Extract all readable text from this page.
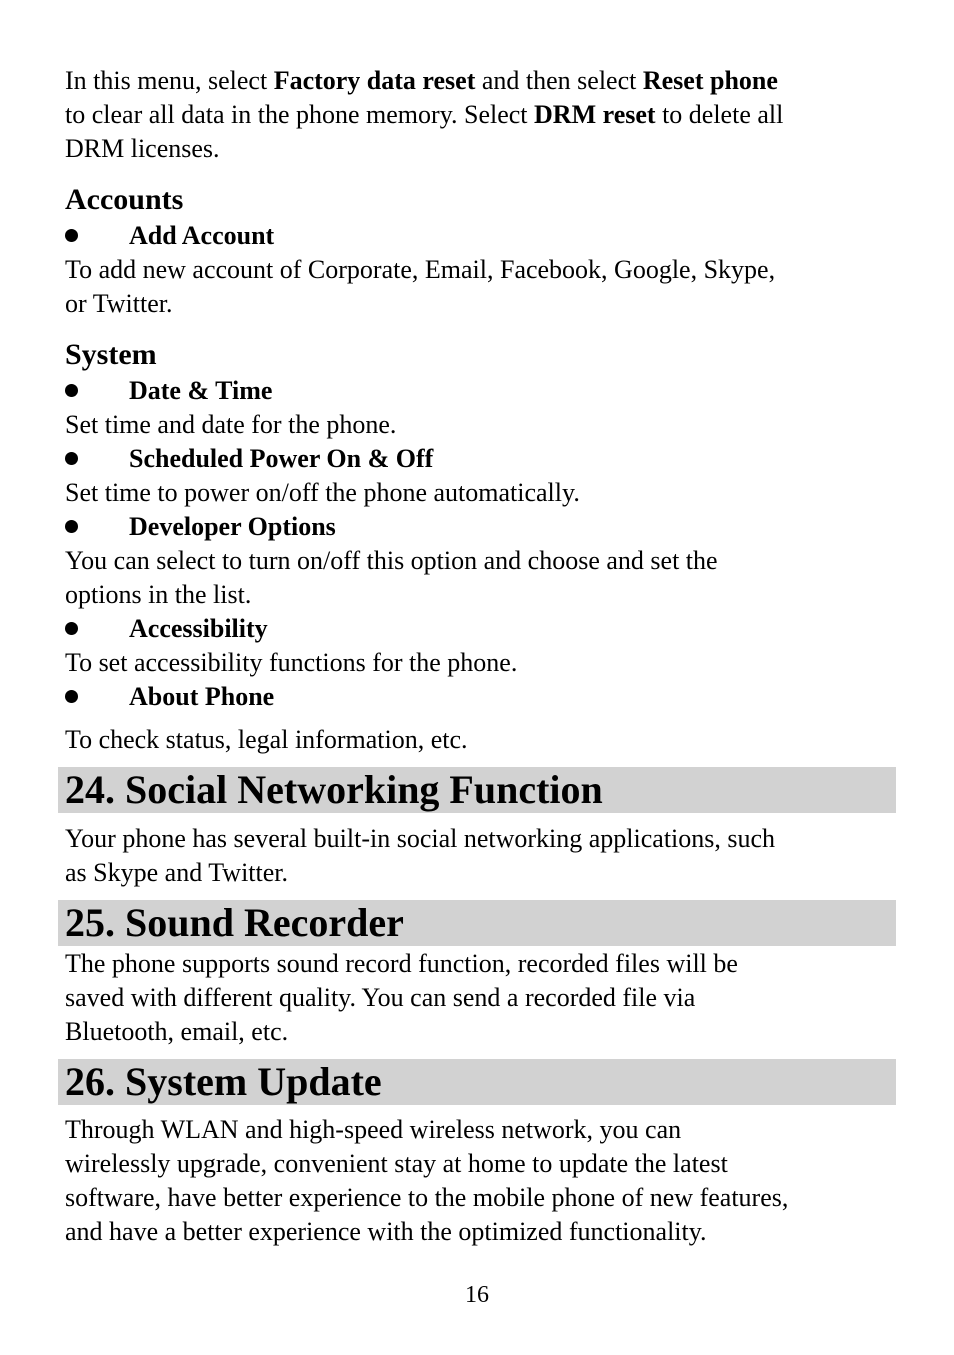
In this menu, select Factory data reset and then select Reset phone
to clear all data in the phone memory. Select DRM reset to delete all
DRM licenses.
Accounts
Add Account
To add new account of Corporate, Email, Facebook, Google, Skype,
or Twitter.
System
Date & Time
Set time and date for the phone.
Scheduled Power On & Off
Set time to power on/off the phone automatically.
Developer Options
You can select to turn on/off this option and choose and set the
options in the list.
Accessibility
To set accessibility functions for the phone.
About Phone
To check status, legal information, etc.
24. Social Networking Function
Your phone has several built-in social networking applications, such
as Skype and Twitter.
25. Sound Recorder
The phone supports sound record function, recorded files will be
saved with different quality. You can send a recorded file via
Bluetooth, email, etc.
26. System Update
Through WLAN and high-speed wireless network, you can
wirelessly upgrade, convenient stay at home to update the latest
software, have better experience to the mobile phone of new features,
and have a better experience with the optimized functionality.
16
